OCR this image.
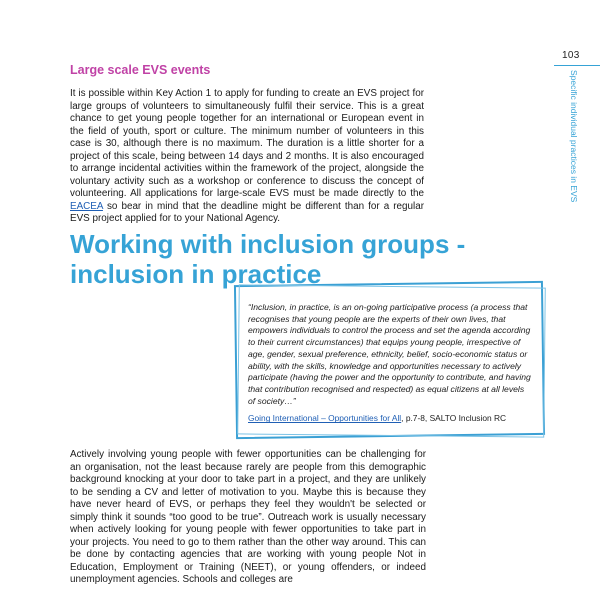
103
Specific individual practices in EVS
Large scale EVS events

It is possible within Key Action 1 to apply for funding to create an EVS project for large groups of volunteers to simultaneously fulfil their service. This is a great chance to get young people together for an international or European event in the field of youth, sport or culture. The minimum number of volunteers in this case is 30, although there is no maximum. The duration is a little shorter for a project of this scale, being between 14 days and 2 months. It is also encouraged to arrange incidental activities within the framework of the project, alongside the voluntary activity such as a workshop or conference to discuss the concept of volunteering. All applications for large-scale EVS must be made directly to the EACEA so bear in mind that the deadline might be different than for a regular EVS project applied for to your National Agency.

Working with inclusion groups - inclusion in practice

“Inclusion, in practice, is an on-going participative process (a process that recognises that young people are the experts of their own lives, that empowers individuals to control the process and set the agenda according to their current circumstances) that equips young people, irrespective of age, gender, sexual preference, ethnicity, belief, socio-economic status or ability, with the skills, knowledge and opportunities necessary to actively participate (having the power and the opportunity to contribute, and having that contribution recognised and respected) as equal citizens at all levels of society…”

Going International – Opportunities for All, p.7-8, SALTO Inclusion RC

Actively involving young people with fewer opportunities can be challenging for an organisation, not the least because rarely are people from this demographic background knocking at your door to take part in a project, and they are unlikely to be sending a CV and letter of motivation to you. Maybe this is because they have never heard of EVS, or perhaps they feel they wouldn't be selected or simply think it sounds “too good to be true”. Outreach work is usually necessary when actively looking for young people with fewer opportunities to take part in your projects. You need to go to them rather than the other way around. This can be done by contacting agencies that are working with young people Not in Education, Employment or Training (NEET), or young offenders, or indeed unemployment agencies. Schools and colleges are
